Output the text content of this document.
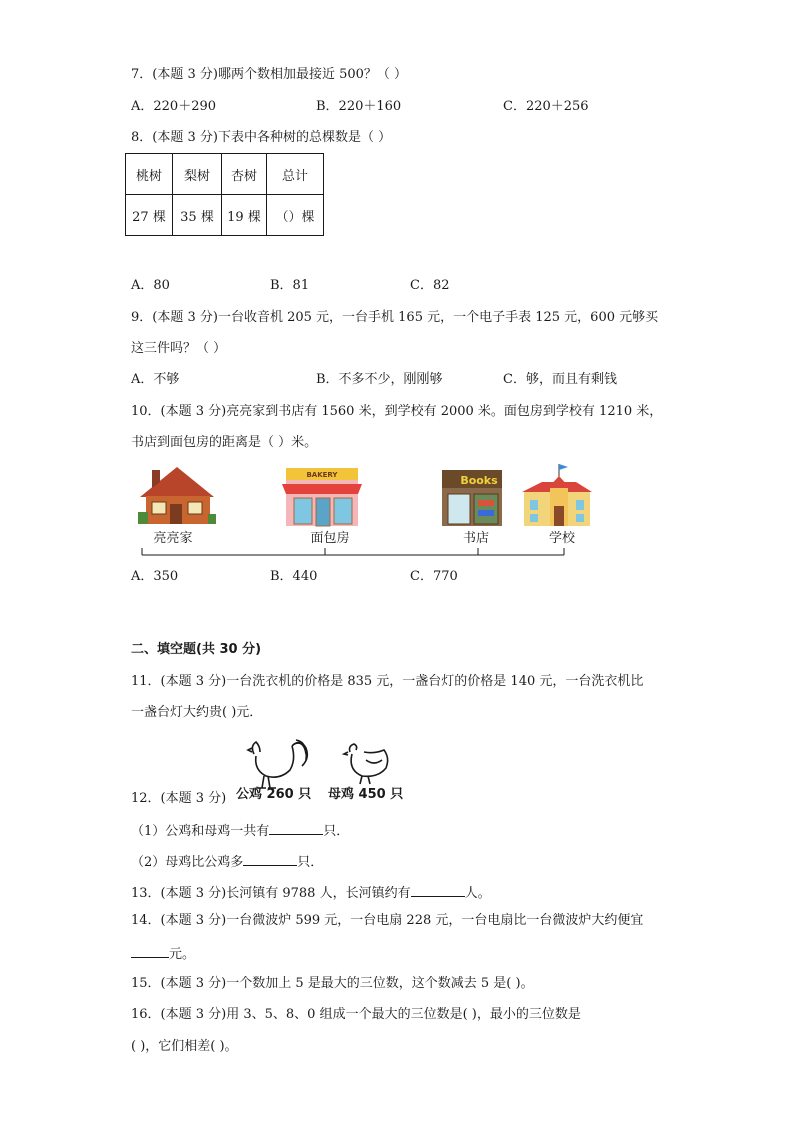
7．(本题 3 分)哪两个数相加最接近 500？（ ）
A．220＋290	B．220＋160	C．220＋256
8．(本题 3 分)下表中各种树的总棵数是（ ）
桃树	梨树	杏树	总计
27 棵	35 棵	19 棵	（）棵
A．80	B．81	C．82
9．(本题 3 分)一台收音机 205 元，一台手机 165 元，一个电子手表 125 元，600 元够买
这三件吗？（ ）
A．不够	B．不多不少，刚刚够	C．够，而且有剩钱
10．(本题 3 分)亮亮家到书店有 1560 米，到学校有 2000 米。面包房到学校有 1210 米，
书店到面包房的距离是（ ）米。
BAKERY	Books
亮亮家	面包房	书店	学校
A．350	B．440	C．770
二、填空题(共 30 分)
11．(本题 3 分)一台洗衣机的价格是 835 元，一盏台灯的价格是 140 元，一台洗衣机比
一盏台灯大约贵( )元．
公鸡 260 只 母鸡 450 只
12．(本题 3 分)
（1）公鸡和母鸡一共有	只．
（2）母鸡比公鸡多	只．
13．(本题 3 分)长河镇有 9788 人，长河镇约有	人。
14．(本题 3 分)一台微波炉 599 元，一台电扇 228 元，一台电扇比一台微波炉大约便宜
元。
15．(本题 3 分)一个数加上 5 是最大的三位数，这个数减去 5 是( )。
16．(本题 3 分)用 3、5、8、0 组成一个最大的三位数是( )，最小的三位数是
( )，它们相差( )。
